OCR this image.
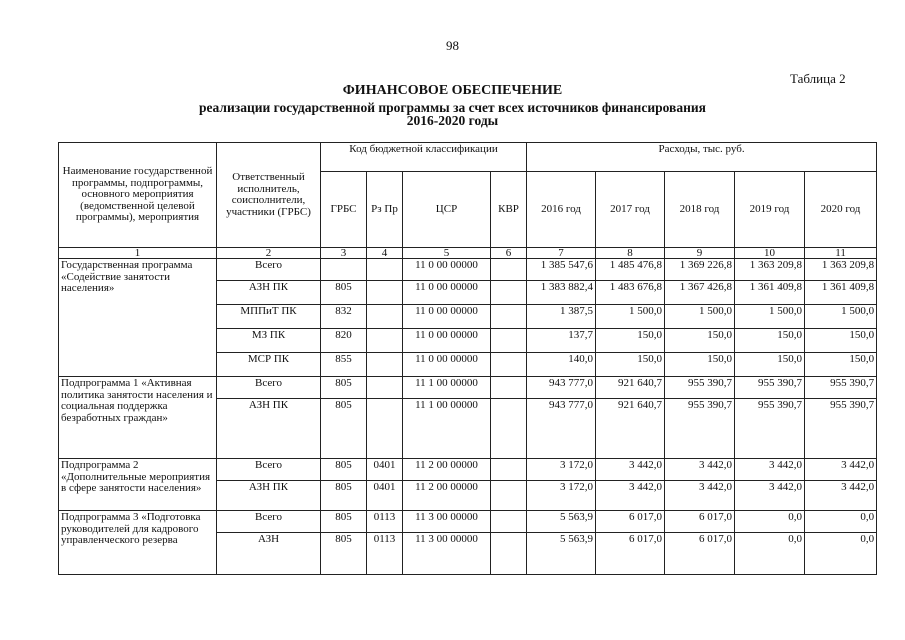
98
Таблица 2
ФИНАНСОВОЕ ОБЕСПЕЧЕНИЕ
реализации государственной программы за счет всех источников финансирования
2016-2020 годы
Наименование государственной программы, подпрограммы, основного мероприятия (ведомственной целевой программы), мероприятия	Ответственный исполнитель, соисполнители, участники (ГРБС)	Код бюджетной классификации				Расходы, тыс. руб.				
		ГРБС	Рз Пр	ЦСР	КВР	2016 год	2017 год	2018 год	2019 год	2020 год
1	2	3	4	5	6	7	8	9	10	11
Государственная программа «Содействие занятости населения»	Всего			11 0 00 00000		1 385 547,6	1 485 476,8	1 369 226,8	1 363 209,8	1 363 209,8
	АЗН ПК	805		11 0 00 00000		1 383 882,4	1 483 676,8	1 367 426,8	1 361 409,8	1 361 409,8
	МППиТ ПК	832		11 0 00 00000		1 387,5	1 500,0	1 500,0	1 500,0	1 500,0
	МЗ ПК	820		11 0 00 00000		137,7	150,0	150,0	150,0	150,0
	МСР ПК	855		11 0 00 00000		140,0	150,0	150,0	150,0	150,0
Подпрограмма 1 «Активная политика занятости населения и социальная поддержка безработных граждан»	Всего	805		11 1 00 00000		943 777,0	921 640,7	955 390,7	955 390,7	955 390,7
	АЗН ПК	805		11 1 00 00000		943 777,0	921 640,7	955 390,7	955 390,7	955 390,7
Подпрограмма 2 «Дополнительные мероприятия в сфере занятости населения»	Всего	805	0401	11 2 00 00000		3 172,0	3 442,0	3 442,0	3 442,0	3 442,0
	АЗН ПК	805	0401	11 2 00 00000		3 172,0	3 442,0	3 442,0	3 442,0	3 442,0
Подпрограмма 3 «Подготовка руководителей для кадрового управленческого резерва	Всего	805	0113	11 3 00 00000		5 563,9	6 017,0	6 017,0	0,0	0,0
	АЗН	805	0113	11 3 00 00000		5 563,9	6 017,0	6 017,0	0,0	0,0
